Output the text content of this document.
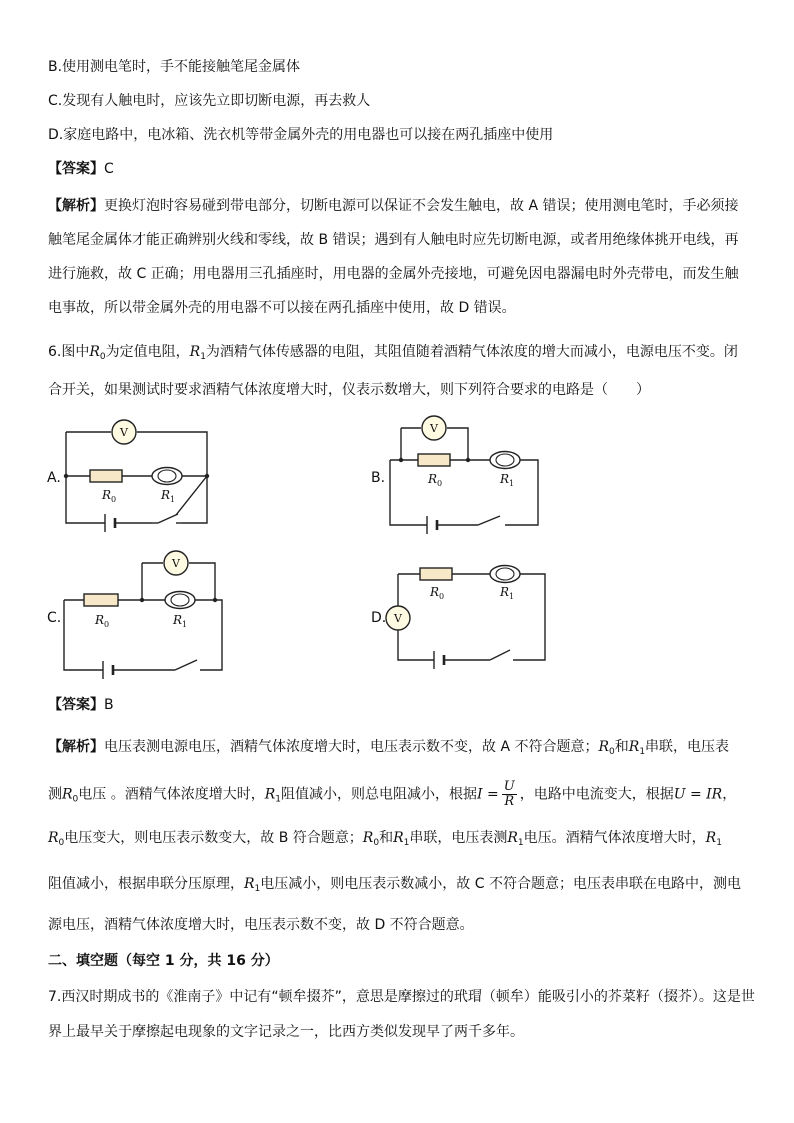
B.使用测电笔时，手不能接触笔尾金属体
C.发现有人触电时，应该先立即切断电源，再去救人
D.家庭电路中，电冰箱、洗衣机等带金属外壳的用电器也可以接在两孔插座中使用
【答案】C
【解析】更换灯泡时容易碰到带电部分，切断电源可以保证不会发生触电，故 A 错误；使用测电笔时，手必须接
触笔尾金属体才能正确辨别火线和零线，故 B 错误；遇到有人触电时应先切断电源，或者用绝缘体挑开电线，再
进行施救，故 C 正确；用电器用三孔插座时，用电器的金属外壳接地，可避免因电器漏电时外壳带电，而发生触
电事故，所以带金属外壳的用电器不可以接在两孔插座中使用，故 D 错误。
6.图中$R_0$为定值电阻，$R_1$为酒精气体传感器的电阻，其阻值随着酒精气体浓度的增大而减小，电源电压不变。闭
合开关，如果测试时要求酒精气体浓度增大时，仪表示数增大，则下列符合要求的电路是（　　）
A.	B.
C.	D.
V	V
V
V
$R_0$	$R_1$
$R_0$	$R_1$
$R_0$	$R_1$
$R_0$	$R_1$
【答案】B
【解析】电压表测电源电压，酒精气体浓度增大时，电压表示数不变，故 A 不符合题意；$R_0$和$R_1$串联，电压表
测$R_0$电压 。酒精气体浓度增大时，$R_1$阻值减小，则总电阻减小，根据$I = \frac{U}{R}$ ，电路中电流变大，根据U = IR，
$R_0$电压变大，则电压表示数变大，故 B 符合题意；$R_0$和$R_1$串联，电压表测$R_1$电压。酒精气体浓度增大时，$R_1$
阻值减小，根据串联分压原理，$R_1$电压减小，则电压表示数减小，故 C 不符合题意；电压表串联在电路中，测电
源电压，酒精气体浓度增大时，电压表示数不变，故 D 不符合题意。
二、填空题（每空 1 分，共 16 分）
7.西汉时期成书的《淮南子》中记有“顿牟掇芥”，意思是摩擦过的玳瑁（顿牟）能吸引小的芥菜籽（掇芥）。这是世
界上最早关于摩擦起电现象的文字记录之一，比西方类似发现早了两千多年。
